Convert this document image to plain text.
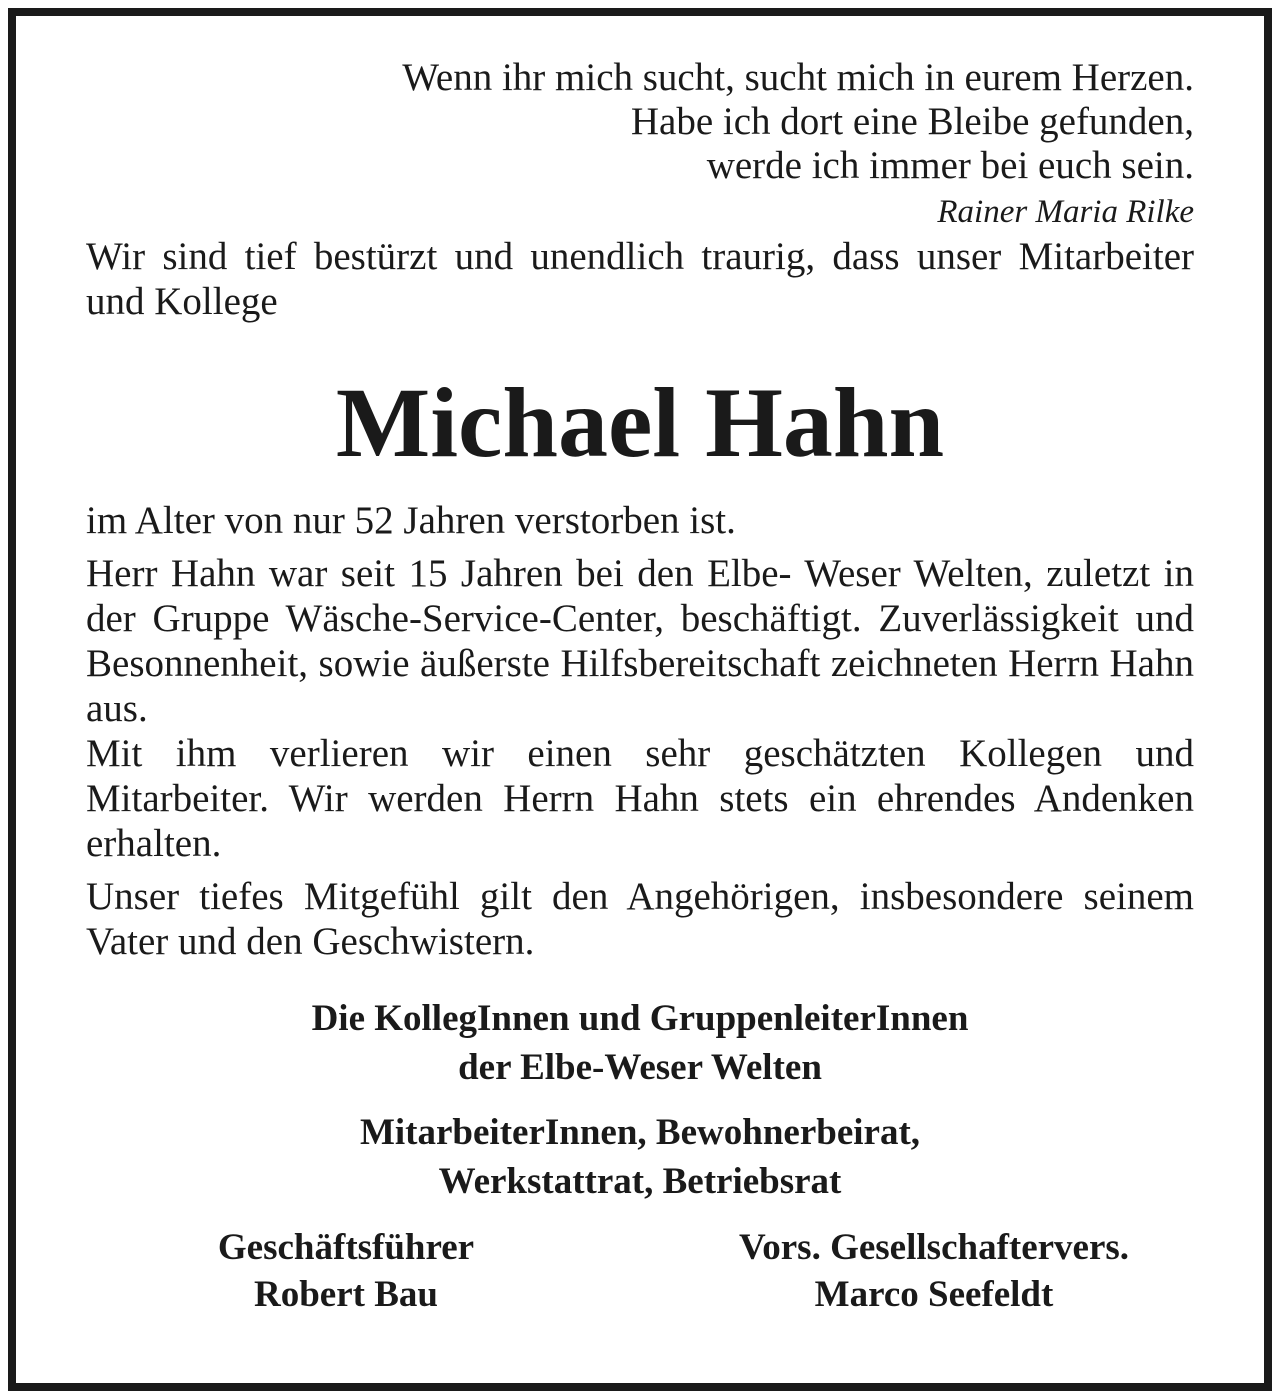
Wenn ihr mich sucht, sucht mich in eurem Herzen.
Habe ich dort eine Bleibe gefunden,
werde ich immer bei euch sein.
Rainer Maria Rilke

Wir sind tief bestürzt und unendlich traurig, dass unser Mitarbeiter und Kollege

Michael Hahn

im Alter von nur 52 Jahren verstorben ist.

Herr Hahn war seit 15 Jahren bei den Elbe- Weser Welten, zuletzt in der Gruppe Wäsche-Service-Center, beschäftigt. Zuverlässigkeit und Besonnenheit, sowie äußerste Hilfsbereitschaft zeichneten Herrn Hahn aus.

Mit ihm verlieren wir einen sehr geschätzten Kollegen und Mitarbeiter. Wir werden Herrn Hahn stets ein ehrendes Andenken erhalten.

Unser tiefes Mitgefühl gilt den Angehörigen, insbesondere seinem Vater und den Geschwistern.

Die KollegInnen und GruppenleiterInnen
der Elbe-Weser Welten
MitarbeiterInnen, Bewohnerbeirat,
Werkstattrat, Betriebsrat
Geschäftsführer
Robert Bau
Vors. Gesellschaftervers.
Marco Seefeldt
